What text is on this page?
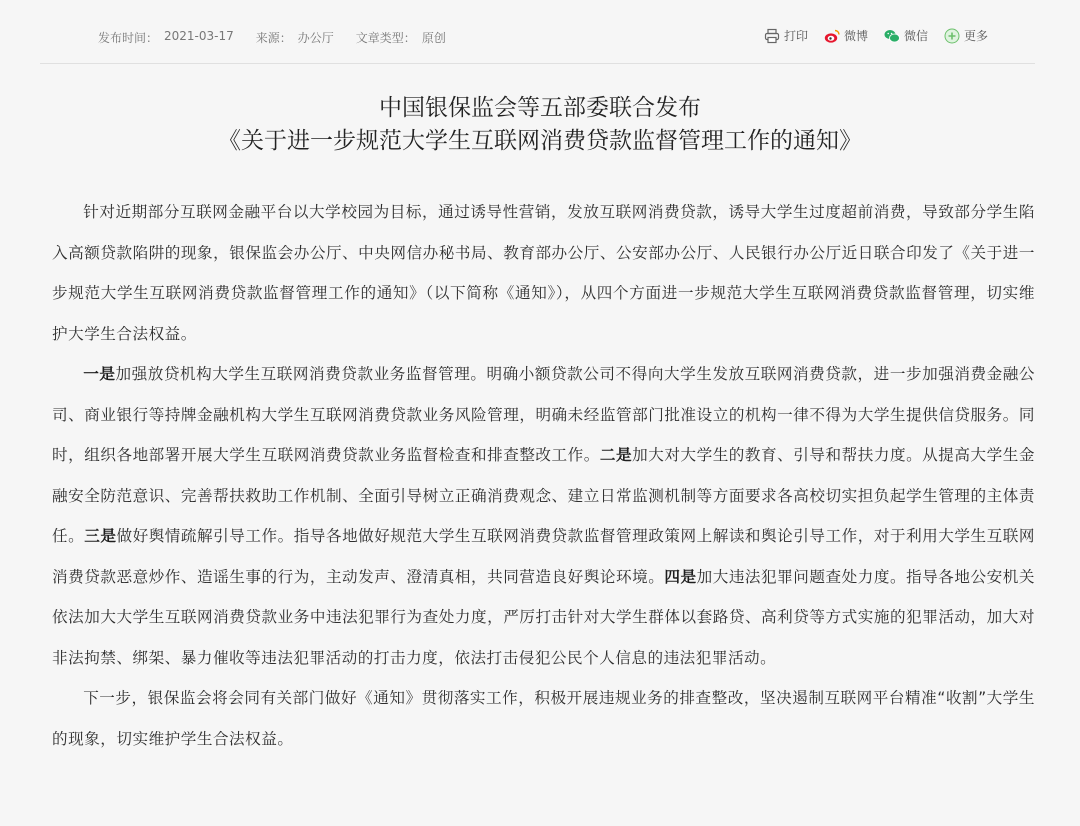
发布时间： 2021-03-17 来源： 办公厅 文章类型： 原创	打印	微博	微信	更多
中国银保监会等五部委联合发布
《关于进一步规范大学生互联网消费贷款监督管理工作的通知》

针对近期部分互联网金融平台以大学校园为目标，通过诱导性营销，发放互联网消费贷款，诱导大学生过度超前消费，导致部分学生陷入高额贷款陷阱的现象，银保监会办公厅、中央网信办秘书局、教育部办公厅、公安部办公厅、人民银行办公厅近日联合印发了《关于进一步规范大学生互联网消费贷款监督管理工作的通知》（以下简称《通知》），从四个方面进一步规范大学生互联网消费贷款监督管理，切实维护大学生合法权益。

一是加强放贷机构大学生互联网消费贷款业务监督管理。明确小额贷款公司不得向大学生发放互联网消费贷款，进一步加强消费金融公司、商业银行等持牌金融机构大学生互联网消费贷款业务风险管理，明确未经监管部门批准设立的机构一律不得为大学生提供信贷服务。同时，组织各地部署开展大学生互联网消费贷款业务监督检查和排查整改工作。二是加大对大学生的教育、引导和帮扶力度。从提高大学生金融安全防范意识、完善帮扶救助工作机制、全面引导树立正确消费观念、建立日常监测机制等方面要求各高校切实担负起学生管理的主体责任。三是做好舆情疏解引导工作。指导各地做好规范大学生互联网消费贷款监督管理政策网上解读和舆论引导工作，对于利用大学生互联网消费贷款恶意炒作、造谣生事的行为，主动发声、澄清真相，共同营造良好舆论环境。四是加大违法犯罪问题查处力度。指导各地公安机关依法加大大学生互联网消费贷款业务中违法犯罪行为查处力度，严厉打击针对大学生群体以套路贷、高利贷等方式实施的犯罪活动，加大对非法拘禁、绑架、暴力催收等违法犯罪活动的打击力度，依法打击侵犯公民个人信息的违法犯罪活动。

下一步，银保监会将会同有关部门做好《通知》贯彻落实工作，积极开展违规业务的排查整改，坚决遏制互联网平台精准“收割”大学生的现象，切实维护学生合法权益。
